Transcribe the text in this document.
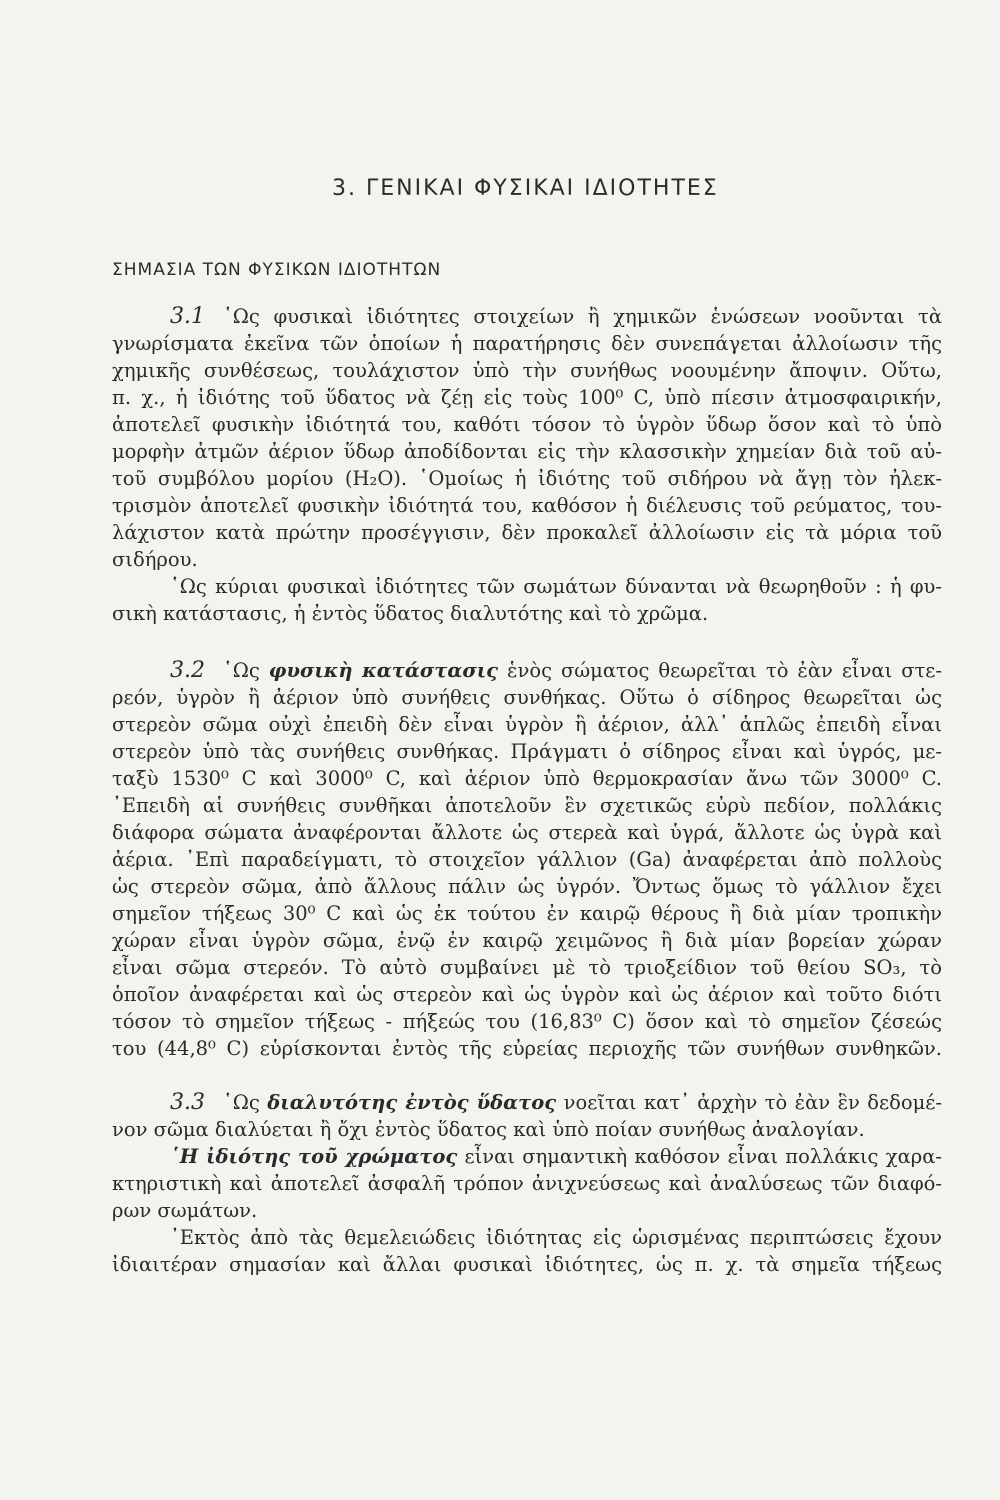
3. ΓΕΝΙΚΑΙ ΦΥΣΙΚΑΙ ΙΔΙΟΤΗΤΕΣ
ΣΗΜΑΣΙΑ ΤΩΝ ΦΥΣΙΚΩΝ ΙΔΙΟΤΗΤΩΝ
3.1 ῾Ως φυσικαὶ ἰδιότητες στοιχείων ἢ χημικῶν ἑνώσεων νοοῦνται τὰ
γνωρίσματα ἐκεῖνα τῶν ὁποίων ἡ παρατήρησις δὲν συνεπάγεται ἀλλοίωσιν τῆς
χημικῆς συνθέσεως, τουλάχιστον ὑπὸ τὴν συνήθως νοουμένην ἄποψιν. Οὕτω,
π. χ., ἡ ἰδιότης τοῦ ὕδατος νὰ ζέῃ εἰς τοὺς 100⁰ C, ὑπὸ πίεσιν ἀτμοσφαιρικήν,
ἀποτελεῖ φυσικὴν ἰδιότητά του, καθότι τόσον τὸ ὑγρὸν ὕδωρ ὅσον καὶ τὸ ὑπὸ
μορφὴν ἀτμῶν ἀέριον ὕδωρ ἀποδίδονται εἰς τὴν κλασσικὴν χημείαν διὰ τοῦ αὐ-
τοῦ συμβόλου μορίου (H₂O). ῾Ομοίως ἡ ἰδιότης τοῦ σιδήρου νὰ ἄγῃ τὸν ἠλεκ-
τρισμὸν ἀποτελεῖ φυσικὴν ἰδιότητά του, καθόσον ἡ διέλευσις τοῦ ρεύματος, του-
λάχιστον κατὰ πρώτην προσέγγισιν, δὲν προκαλεῖ ἀλλοίωσιν εἰς τὰ μόρια τοῦ
σιδήρου.
῾Ως κύριαι φυσικαὶ ἰδιότητες τῶν σωμάτων δύνανται νὰ θεωρηθοῦν : ἡ φυ-
σικὴ κατάστασις, ἡ ἐντὸς ὕδατος διαλυτότης καὶ τὸ χρῶμα.
3.2 ῾Ως φυσικὴ κατάστασις ἑνὸς σώματος θεωρεῖται τὸ ἐὰν εἶναι στε-
ρεόν, ὑγρὸν ἢ ἀέριον ὑπὸ συνήθεις συνθήκας. Οὕτω ὁ σίδηρος θεωρεῖται ὡς
στερεὸν σῶμα οὐχὶ ἐπειδὴ δὲν εἶναι ὑγρὸν ἢ ἀέριον, ἀλλ᾽ ἁπλῶς ἐπειδὴ εἶναι
στερεὸν ὑπὸ τὰς συνήθεις συνθήκας. Πράγματι ὁ σίδηρος εἶναι καὶ ὑγρός, με-
ταξὺ 1530⁰ C καὶ 3000⁰ C, καὶ ἀέριον ὑπὸ θερμοκρασίαν ἄνω τῶν 3000⁰ C.
᾿Επειδὴ αἱ συνήθεις συνθῆκαι ἀποτελοῦν ἓν σχετικῶς εὐρὺ πεδίον, πολλάκις
διάφορα σώματα ἀναφέρονται ἄλλοτε ὡς στερεὰ καὶ ὑγρά, ἄλλοτε ὡς ὑγρὰ καὶ
ἀέρια. ᾿Επὶ παραδείγματι, τὸ στοιχεῖον γάλλιον (Ga) ἀναφέρεται ἀπὸ πολλοὺς
ὡς στερεὸν σῶμα, ἀπὸ ἄλλους πάλιν ὡς ὑγρόν. Ὄντως ὅμως τὸ γάλλιον ἔχει
σημεῖον τήξεως 30⁰ C καὶ ὡς ἐκ τούτου ἐν καιρῷ θέρους ἢ διὰ μίαν τροπικὴν
χώραν εἶναι ὑγρὸν σῶμα, ἐνῷ ἐν καιρῷ χειμῶνος ἢ διὰ μίαν βορείαν χώραν
εἶναι σῶμα στερεόν. Τὸ αὐτὸ συμβαίνει μὲ τὸ τριοξείδιον τοῦ θείου SO₃, τὸ
ὁποῖον ἀναφέρεται καὶ ὡς στερεὸν καὶ ὡς ὑγρὸν καὶ ὡς ἀέριον καὶ τοῦτο διότι
τόσον τὸ σημεῖον τήξεως - πήξεώς του (16,83⁰ C) ὅσον καὶ τὸ σημεῖον ζέσεώς
του (44,8⁰ C) εὑρίσκονται ἐντὸς τῆς εὐρείας περιοχῆς τῶν συνήθων συνθηκῶν.
3.3 ῾Ως διαλυτότης ἐντὸς ὕδατος νοεῖται κατ᾽ ἀρχὴν τὸ ἐὰν ἓν δεδομέ-
νον σῶμα διαλύεται ἢ ὄχι ἐντὸς ὕδατος καὶ ὑπὸ ποίαν συνήθως ἀναλογίαν.
῾Η ἰδιότης τοῦ χρώματος εἶναι σημαντικὴ καθόσον εἶναι πολλάκις χαρα-
κτηριστικὴ καὶ ἀποτελεῖ ἀσφαλῆ τρόπον ἀνιχνεύσεως καὶ ἀναλύσεως τῶν διαφό-
ρων σωμάτων.
᾿Εκτὸς ἀπὸ τὰς θεμελειώδεις ἰδιότητας εἰς ὡρισμένας περιπτώσεις ἔχουν
ἰδιαιτέραν σημασίαν καὶ ἄλλαι φυσικαὶ ἰδιότητες, ὡς π. χ. τὰ σημεῖα τήξεως
